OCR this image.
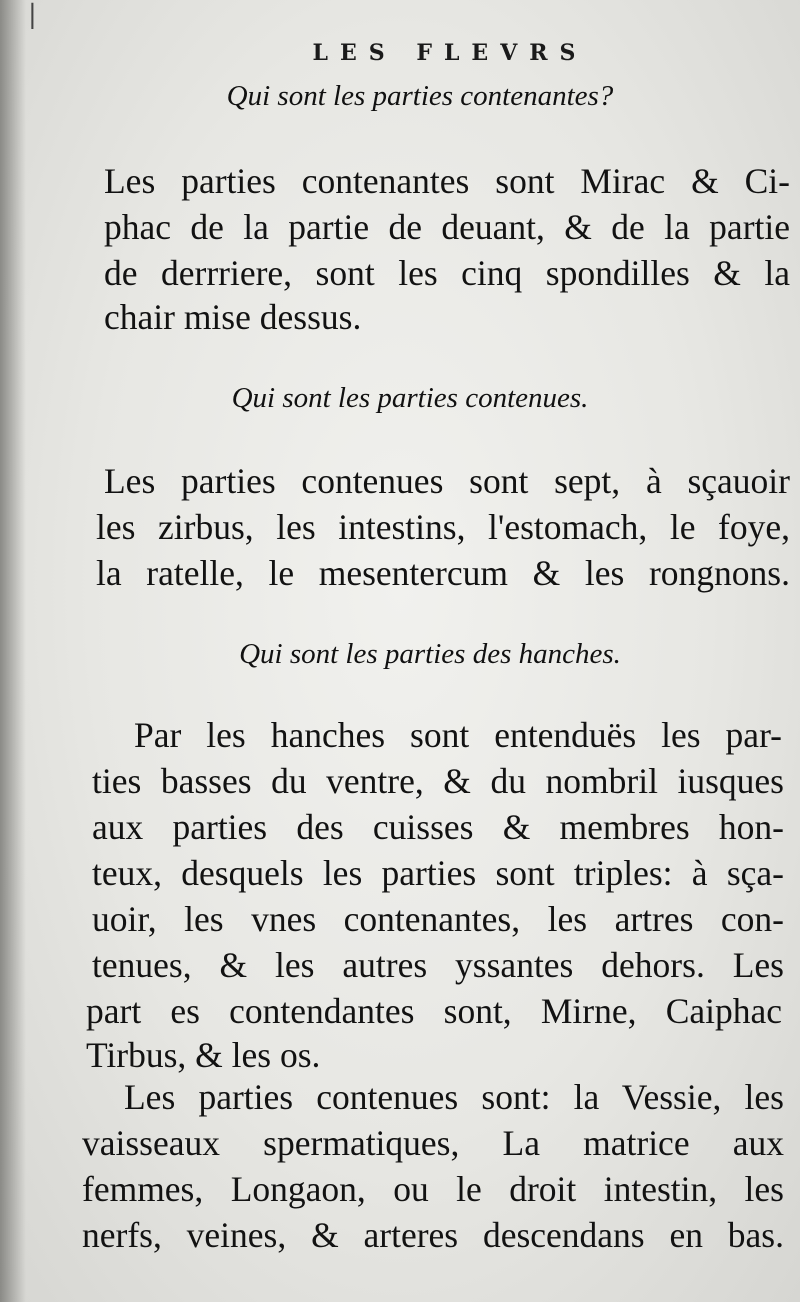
|
LES FLEVRS
Qui sont les parties contenantes?
Les parties contenantes sont Mirac & Ci-
phac de la partie de deuant, & de la partie
de derrriere, sont les cinq spondilles & la
chair mise dessus.
Qui sont les parties contenues.
Les parties contenues sont sept, à sçauoir
les zirbus, les intestins, l'estomach, le foye,
la ratelle, le mesentercum & les rongnons.
Qui sont les parties des hanches.
Par les hanches sont entenduës les par-
ties basses du ventre, & du nombril iusques
aux parties des cuisses & membres hon-
teux, desquels les parties sont triples: à sça-
uoir, les vnes contenantes, les artres con-
tenues, & les autres yssantes dehors. Les
part es contendantes sont, Mirne, Caiphac
Tirbus, & les os.
Les parties contenues sont: la Vessie, les
vaisseaux spermatiques, La matrice aux
femmes, Longaon, ou le droit intestin, les
nerfs, veines, & arteres descendans en bas.
